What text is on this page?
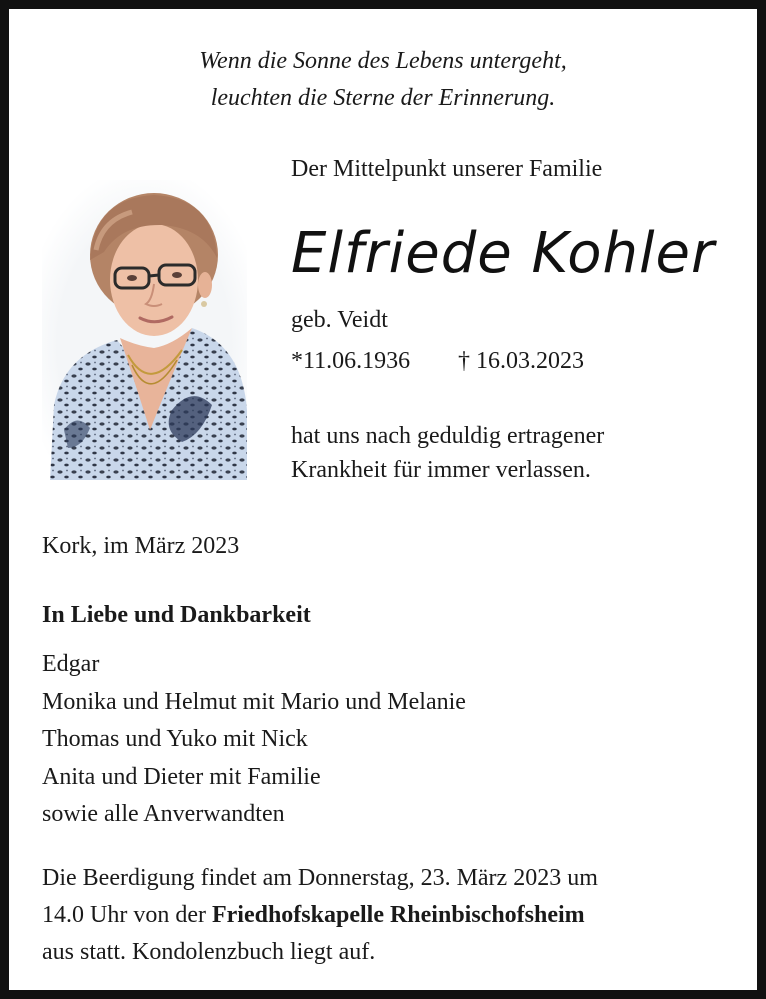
Wenn die Sonne des Lebens untergeht,
leuchten die Sterne der Erinnerung.
Der Mittelpunkt unserer Familie
Elfriede Kohler
geb. Veidt
*11.06.1936 † 16.03.2023
hat uns nach geduldig ertragener
Krankheit für immer verlassen.
Kork, im März 2023
In Liebe und Dankbarkeit
Edgar
Monika und Helmut mit Mario und Melanie
Thomas und Yuko mit Nick
Anita und Dieter mit Familie
sowie alle Anverwandten
Die Beerdigung findet am Donnerstag, 23. März 2023 um
14.0 Uhr von der Friedhofskapelle Rheinbischofsheim
aus statt. Kondolenzbuch liegt auf.
